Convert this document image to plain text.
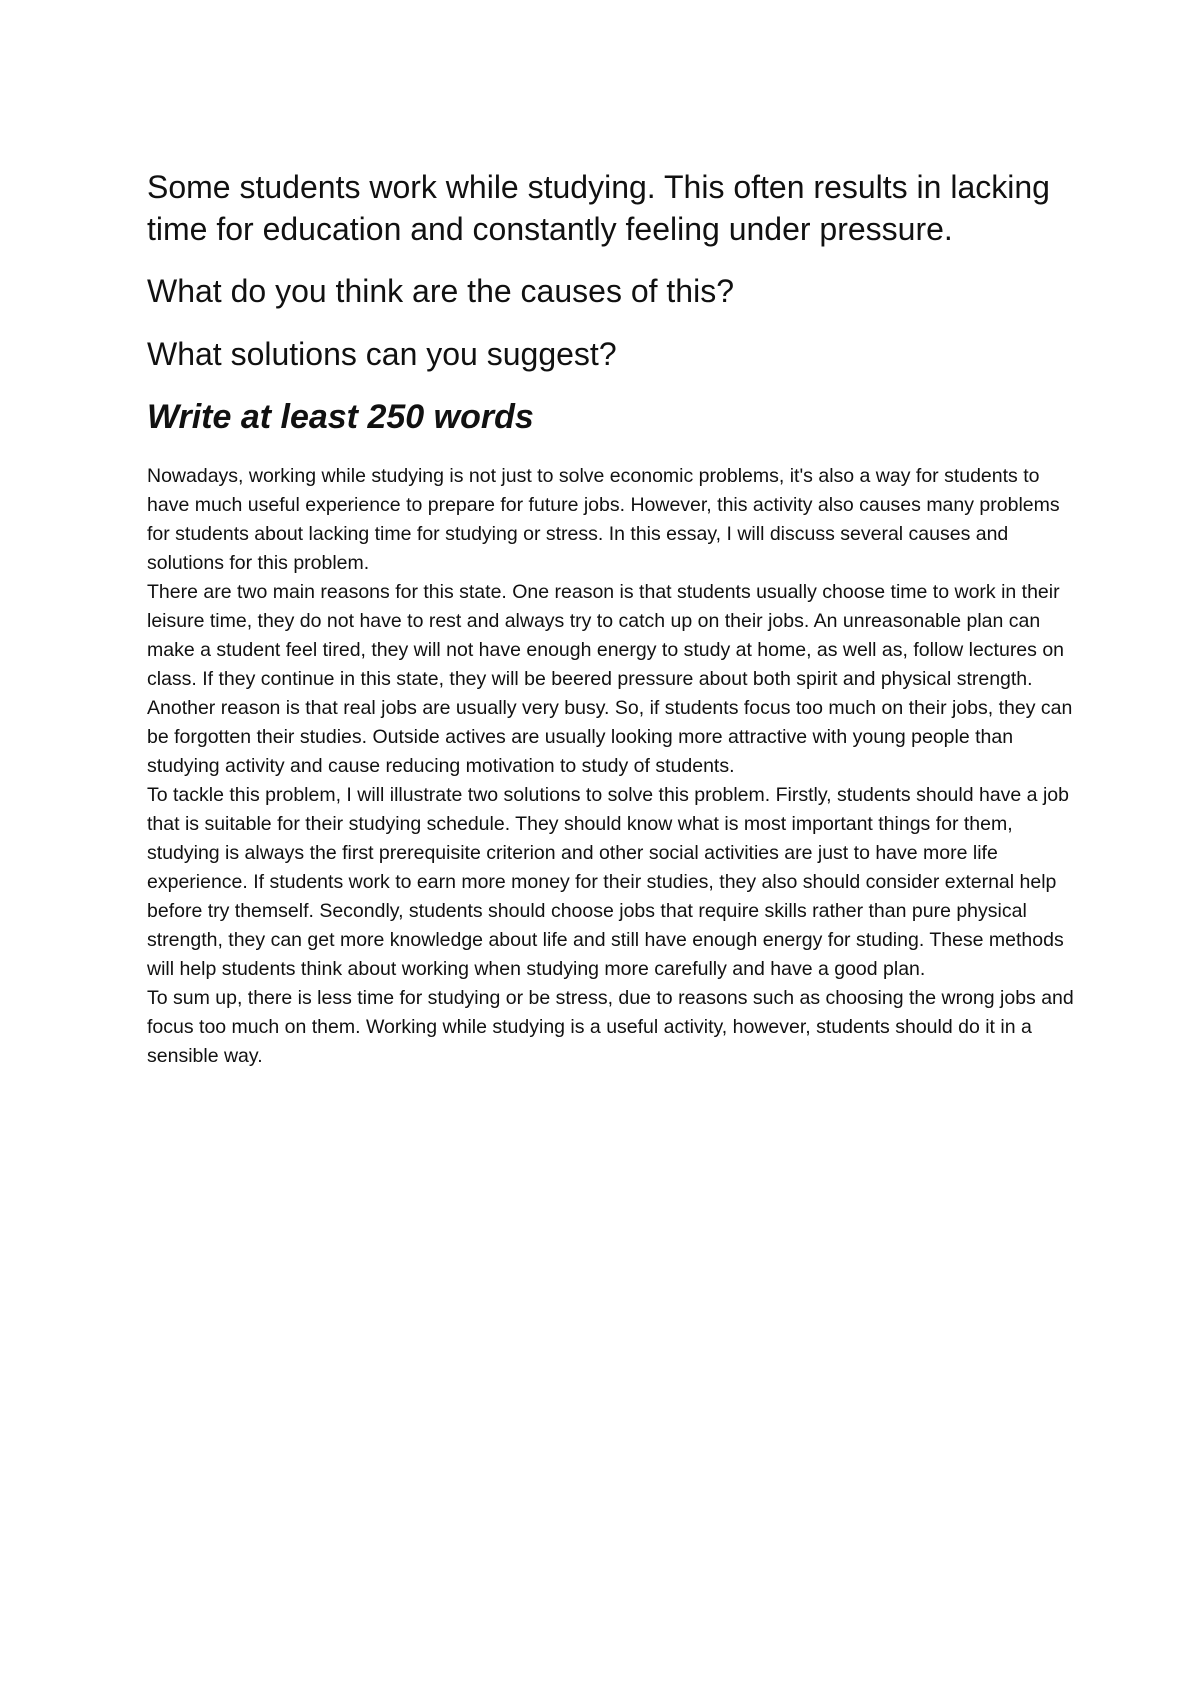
Some students work while studying. This often results in lacking time for education and constantly feeling under pressure.

What do you think are the causes of this?

What solutions can you suggest?

Write at least 250 words

Nowadays, working while studying is not just to solve economic problems, it's also a way for students to have much useful experience to prepare for future jobs. However, this activity also causes many problems for students about lacking time for studying or stress. In this essay, I will discuss several causes and solutions for this problem.

There are two main reasons for this state. One reason is that students usually choose time to work in their leisure time, they do not have to rest and always try to catch up on their jobs. An unreasonable plan can make a student feel tired, they will not have enough energy to study at home, as well as, follow lectures on class. If they continue in this state, they will be beered pressure about both spirit and physical strength. Another reason is that real jobs are usually very busy. So, if students focus too much on their jobs, they can be forgotten their studies. Outside actives are usually looking more attractive with young people than studying activity and cause reducing motivation to study of students.

To tackle this problem, I will illustrate two solutions to solve this problem. Firstly, students should have a job that is suitable for their studying schedule. They should know what is most important things for them, studying is always the first prerequisite criterion and other social activities are just to have more life experience. If students work to earn more money for their studies, they also should consider external help before try themself. Secondly, students should choose jobs that require skills rather than pure physical strength, they can get more knowledge about life and still have enough energy for studing. These methods will help students think about working when studying more carefully and have a good plan.

To sum up, there is less time for studying or be stress, due to reasons such as choosing the wrong jobs and focus too much on them. Working while studying is a useful activity, however, students should do it in a sensible way.
